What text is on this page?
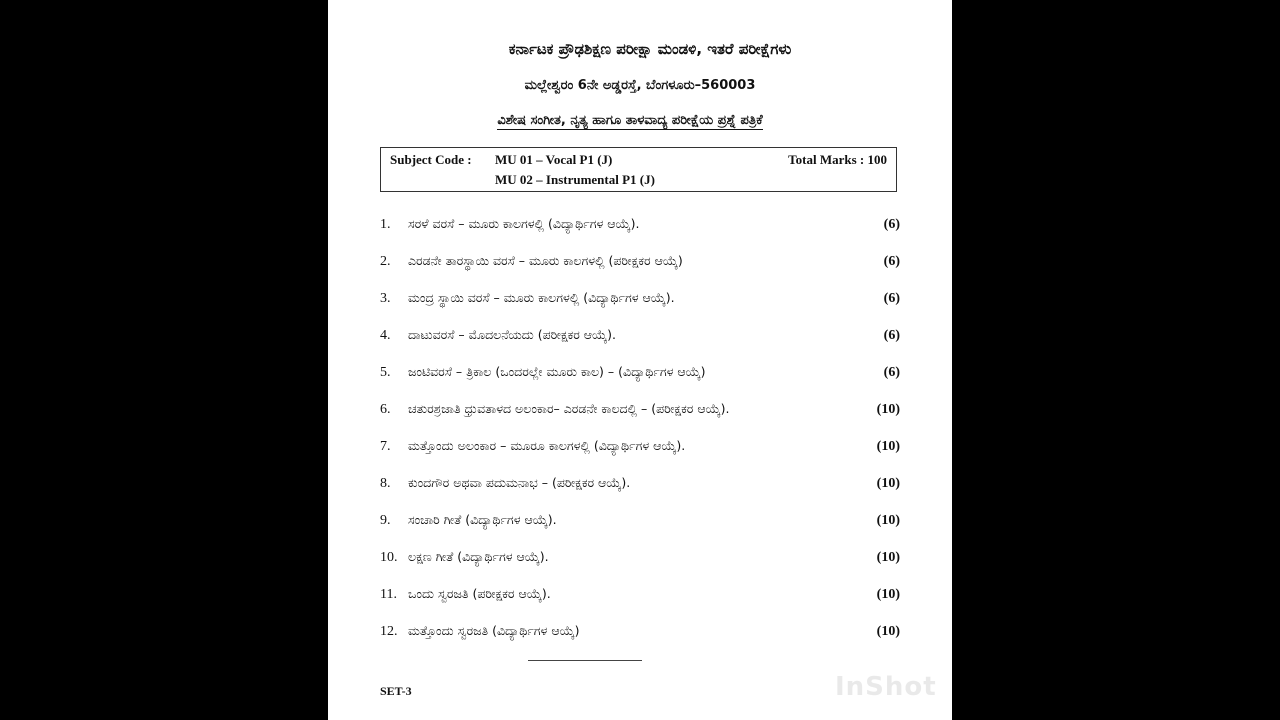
ಕರ್ನಾಟಕ ಪ್ರೌಢಶಿಕ್ಷಣ ಪರೀಕ್ಷಾ ಮಂಡಳಿ, ಇತರೆ ಪರೀಕ್ಷೆಗಳು
ಮಲ್ಲೇಶ್ವರಂ 6ನೇ ಅಡ್ಡರಸ್ತೆ, ಬೆಂಗಳೂರು–560003
ವಿಶೇಷ ಸಂಗೀತ, ನೃತ್ಯ ಹಾಗೂ ತಾಳವಾದ್ಯ ಪರೀಕ್ಷೆಯ ಪ್ರಶ್ನೆ ಪತ್ರಿಕೆ
Subject Code : MU 01 – Vocal P1 (J)
MU 02 – Instrumental P1 (J)
Total Marks : 100
1. ಸರಳೆ ವರಸೆ – ಮೂರು ಕಾಲಗಳಲ್ಲಿ (ವಿದ್ಯಾರ್ಥಿಗಳ ಆಯ್ಕೆ).	(6)
2. ಎರಡನೇ ತಾರಸ್ಥಾಯಿ ವರಸೆ – ಮೂರು ಕಾಲಗಳಲ್ಲಿ (ಪರೀಕ್ಷಕರ ಆಯ್ಕೆ)	(6)
3. ಮಂದ್ರ ಸ್ಥಾಯಿ ವರಸೆ – ಮೂರು ಕಾಲಗಳಲ್ಲಿ (ವಿದ್ಯಾರ್ಥಿಗಳ ಆಯ್ಕೆ).	(6)
4. ದಾಟುವರಸೆ – ಮೊದಲನೆಯದು (ಪರೀಕ್ಷಕರ ಆಯ್ಕೆ).	(6)
5. ಜಂಟಿವರಸೆ – ತ್ರಿಕಾಲ (ಒಂದರಲ್ಲೇ ಮೂರು ಕಾಲ) – (ವಿದ್ಯಾರ್ಥಿಗಳ ಆಯ್ಕೆ)	(6)
6. ಚತುರಶ್ರಜಾತಿ ಧ್ರುವತಾಳದ ಅಲಂಕಾರ– ಎರಡನೇ ಕಾಲದಲ್ಲಿ – (ಪರೀಕ್ಷಕರ ಆಯ್ಕೆ).	(10)
7. ಮತ್ತೊಂದು ಅಲಂಕಾರ – ಮೂರೂ ಕಾಲಗಳಲ್ಲಿ (ವಿದ್ಯಾರ್ಥಿಗಳ ಆಯ್ಕೆ).	(10)
8. ಕುಂದಗೌರ ಅಥವಾ ಪದುಮನಾಭ – (ಪರೀಕ್ಷಕರ ಆಯ್ಕೆ).	(10)
9. ಸಂಚಾರಿ ಗೀತೆ (ವಿದ್ಯಾರ್ಥಿಗಳ ಆಯ್ಕೆ).	(10)
10. ಲಕ್ಷಣ ಗೀತೆ (ವಿದ್ಯಾರ್ಥಿಗಳ ಆಯ್ಕೆ).	(10)
11. ಒಂದು ಸ್ವರಜತಿ (ಪರೀಕ್ಷಕರ ಆಯ್ಕೆ).	(10)
12. ಮತ್ತೊಂದು ಸ್ವರಜತಿ (ವಿದ್ಯಾರ್ಥಿಗಳ ಆಯ್ಕೆ)	(10)
SET-3	InShot
